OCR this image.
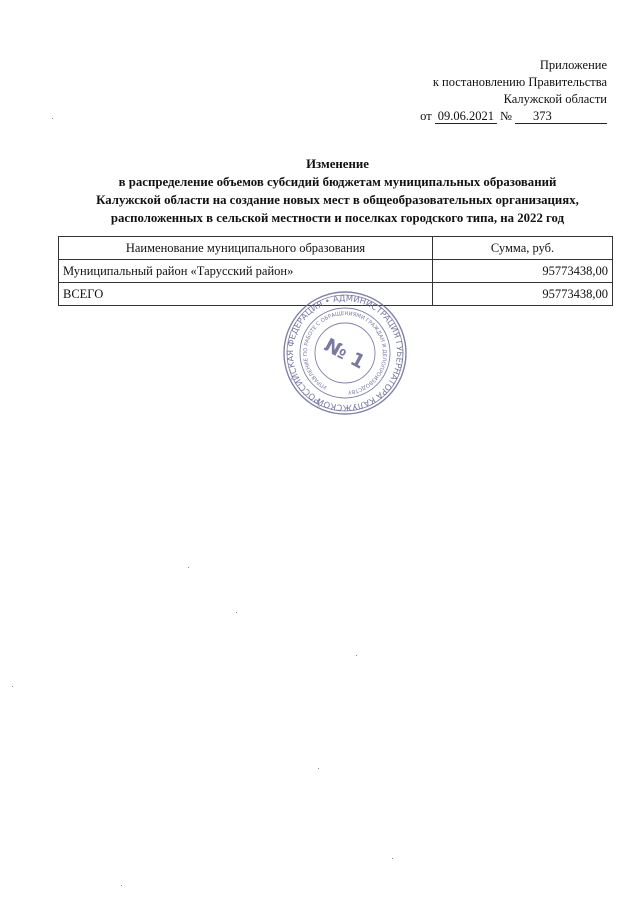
Приложение
к постановлению Правительства
Калужской области
от 09.06.2021 № 373
Изменение
в распределение объемов субсидий бюджетам муниципальных образований
Калужской области на создание новых мест в общеобразовательных организациях,
расположенных в сельской местности и поселках городского типа, на 2022 год
Наименование муниципального образования	Сумма, руб.
Муниципальный район «Тарусский район»	95773438,00
ВСЕГО	95773438,00
РОССИЙСКАЯ ФЕДЕРАЦИЯ • АДМИНИСТРАЦИЯ ГУБЕРНАТОРА КАЛУЖСКОЙ
УПРАВЛЕНИЕ ПО РАБОТЕ С ОБРАЩЕНИЯМИ ГРАЖДАН И ДЕЛОПРОИЗВОДСТВУ
№ 1
